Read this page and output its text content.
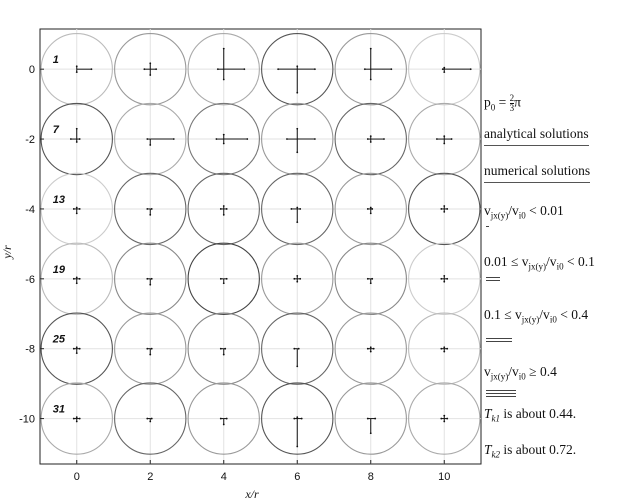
1
7
13
19
25
31
0	2	4	6	8	10
0
-2
-4
-6
-8
-10
x/r
y/r
$p_0 = \frac{2}{3}$ π
analytical solutions
numerical solutions
$v_{jx(y)}/v_{i0} < 0.01$
$0.01 \le v_{jx(y)}/v_{i0} < 0.1$
$0.1 \le v_{jx(y)}/v_{i0} < 0.4$
$v_{jx(y)}/v_{i0} \ge 0.4$
$T_{k1}$ is about 0.44.
$T_{k2}$ is about 0.72.
